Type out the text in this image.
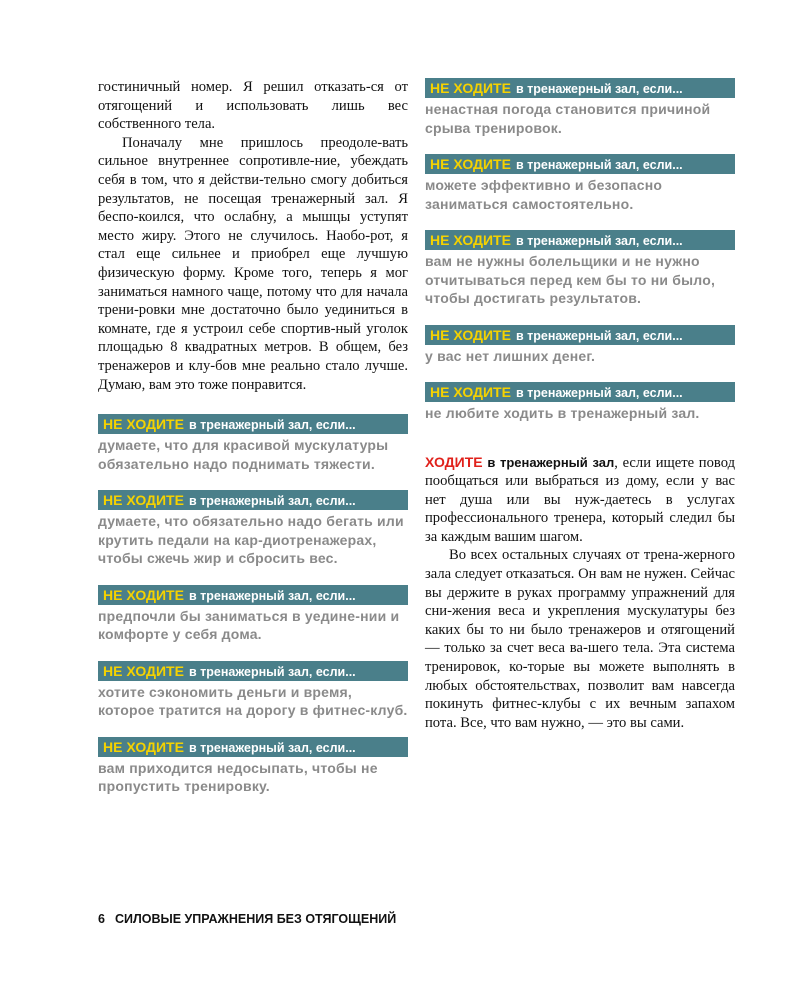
гостиничный номер. Я решил отказать-ся от отягощений и использовать лишь вес собственного тела.

Поначалу мне пришлось преодоле-вать сильное внутреннее сопротивле-ние, убеждать себя в том, что я действи-тельно смогу добиться результатов, не посещая тренажерный зал. Я беспо-коился, что ослабну, а мышцы уступят место жиру. Этого не случилось. Наобо-рот, я стал еще сильнее и приобрел еще лучшую физическую форму. Кроме того, теперь я мог заниматься намного чаще, потому что для начала трени-ровки мне достаточно было уединиться в комнате, где я устроил себе спортив-ный уголок площадью 8 квадратных метров. В общем, без тренажеров и клу-бов мне реально стало лучше. Думаю, вам это тоже понравится.

НЕ ХОДИТЕ в тренажерный зал, если...
думаете, что для красивой мускулатуры обязательно надо поднимать тяжести.
НЕ ХОДИТЕ в тренажерный зал, если...
думаете, что обязательно надо бегать или крутить педали на кар-диотренажерах, чтобы сжечь жир и сбросить вес.
НЕ ХОДИТЕ в тренажерный зал, если...
предпочли бы заниматься в уедине-нии и комфорте у себя дома.
НЕ ХОДИТЕ в тренажерный зал, если...
хотите сэкономить деньги и время, которое тратится на дорогу в фитнес-клуб.
НЕ ХОДИТЕ в тренажерный зал, если...
вам приходится недосыпать, чтобы не пропустить тренировку.
НЕ ХОДИТЕ в тренажерный зал, если...
ненастная погода становится причиной срыва тренировок.
НЕ ХОДИТЕ в тренажерный зал, если...
можете эффективно и безопасно заниматься самостоятельно.
НЕ ХОДИТЕ в тренажерный зал, если...
вам не нужны болельщики и не нужно отчитываться перед кем бы то ни было, чтобы достигать результатов.
НЕ ХОДИТЕ в тренажерный зал, если...
у вас нет лишних денег.
НЕ ХОДИТЕ в тренажерный зал, если...
не любите ходить в тренажерный зал.

ХОДИТЕ в тренажерный зал, если ищете повод пообщаться или выбраться из дому, если у вас нет душа или вы нуж-даетесь в услугах профессионального тренера, который следил бы за каждым вашим шагом.

Во всех остальных случаях от трена-жерного зала следует отказаться. Он вам не нужен. Сейчас вы держите в руках программу упражнений для сни-жения веса и укрепления мускулатуры без каких бы то ни было тренажеров и отягощений — только за счет веса ва-шего тела. Эта система тренировок, ко-торые вы можете выполнять в любых обстоятельствах, позволит вам навсегда покинуть фитнес-клубы с их вечным запахом пота. Все, что вам нужно, — это вы сами.

6 СИЛОВЫЕ УПРАЖНЕНИЯ БЕЗ ОТЯГОЩЕНИЙ
